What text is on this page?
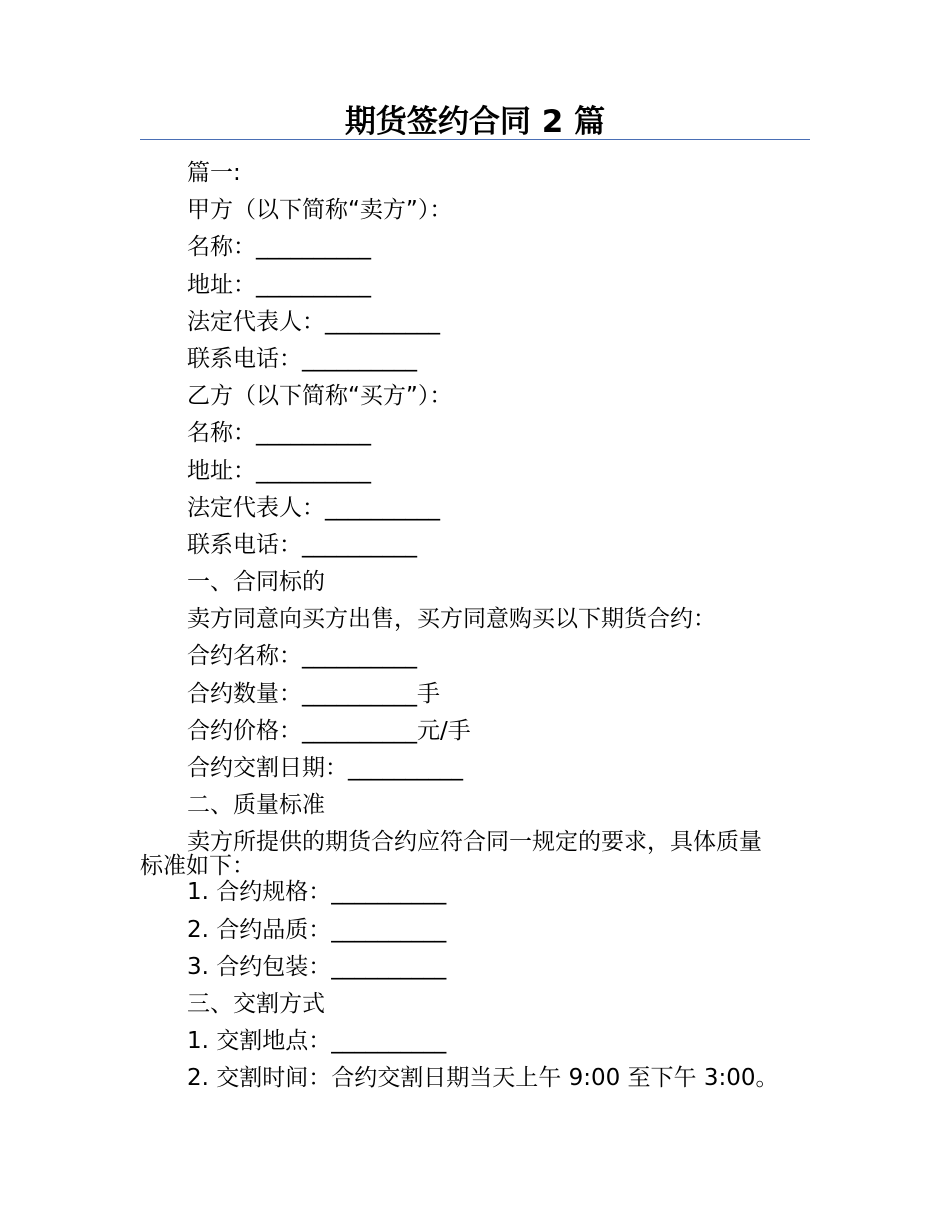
期货签约合同 2 篇
篇一:
甲方（以下简称“卖方”）：
名称：__________
地址：__________
法定代表人：__________
联系电话：__________
乙方（以下简称“买方”）：
名称：__________
地址：__________
法定代表人：__________
联系电话：__________
一、合同标的
卖方同意向买方出售，买方同意购买以下期货合约：
合约名称：__________
合约数量：__________手
合约价格：__________元/手
合约交割日期：__________
二、质量标准
卖方所提供的期货合约应符合同一规定的要求，具体质量
标准如下：
1. 合约规格：__________
2. 合约品质：__________
3. 合约包装：__________
三、交割方式
1. 交割地点：__________
2. 交割时间：合约交割日期当天上午 9:00 至下午 3:00。
